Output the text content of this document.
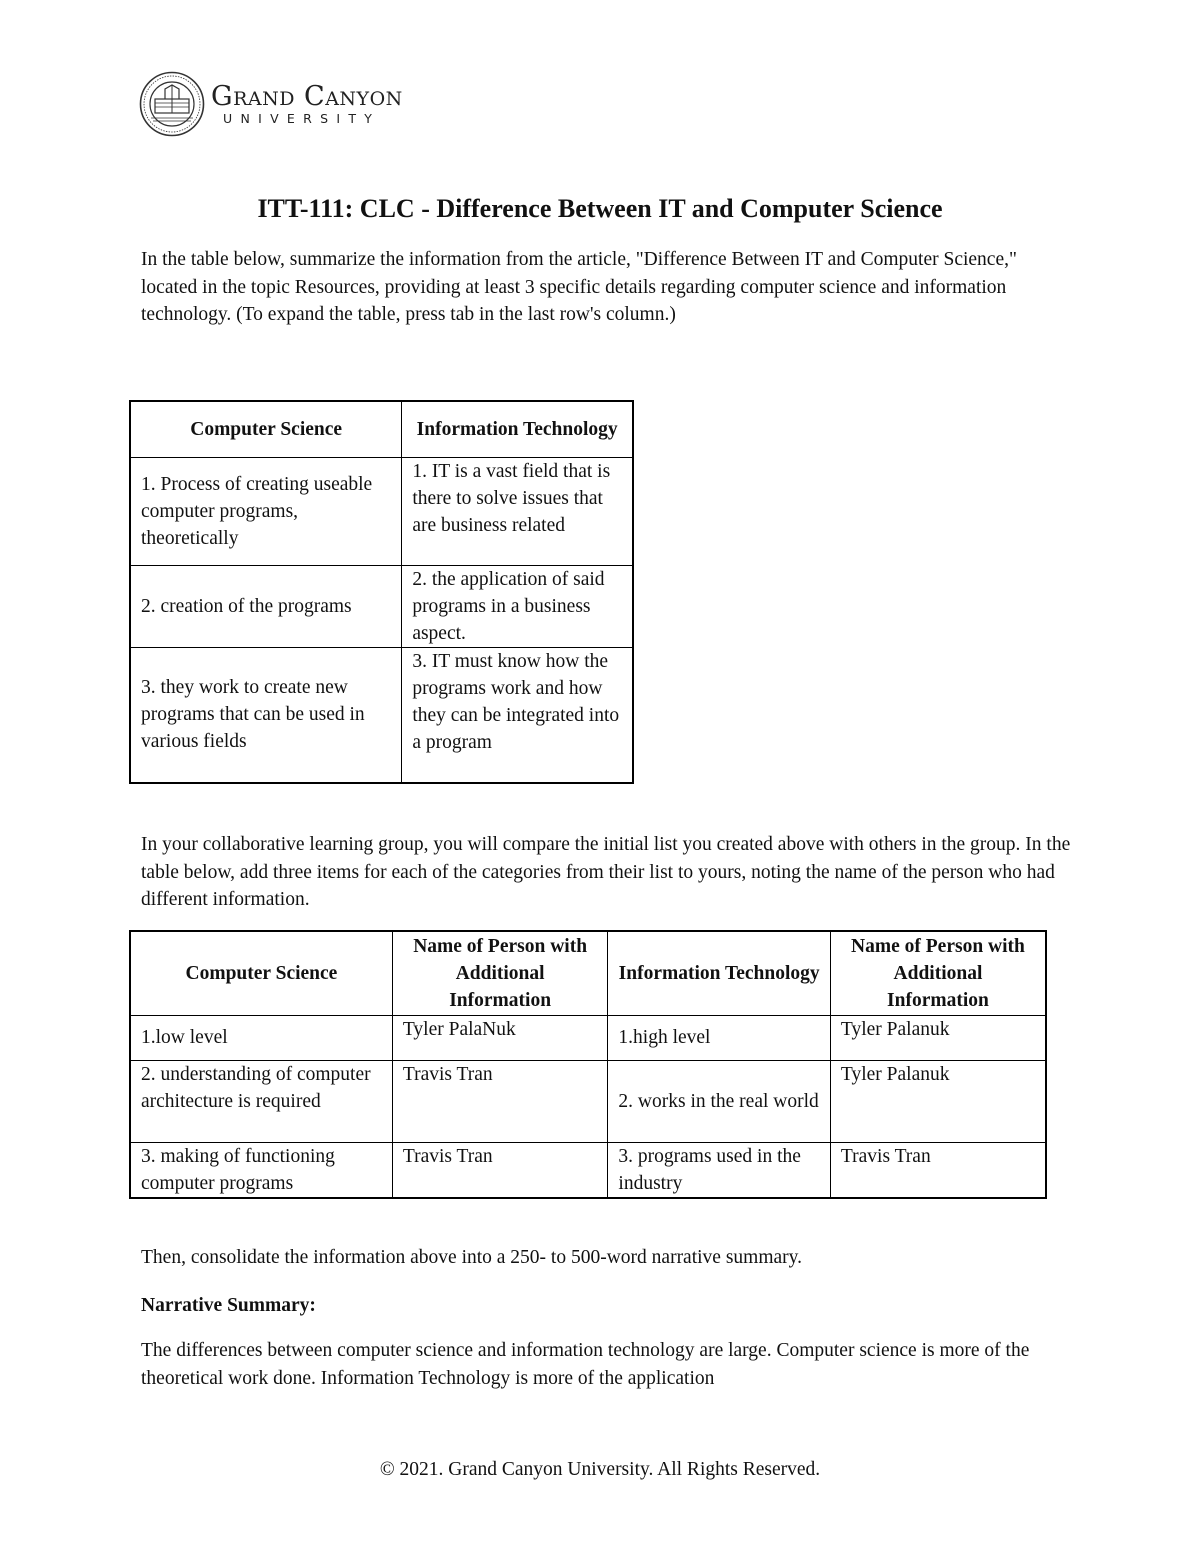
Grand Canyon
UNIVERSITY
ITT-111: CLC - Difference Between IT and Computer Science
In the table below, summarize the information from the article, "Difference Between IT and Computer Science," located in the topic Resources, providing at least 3 specific details regarding computer science and information technology. (To expand the table, press tab in the last row's column.)
Computer Science	Information Technology
1. Process of creating useable computer programs, theoretically	1. IT is a vast field that is there to solve issues that are business related
2. creation of the programs	2. the application of said programs in a business aspect.
3. they work to create new programs that can be used in various fields	3. IT must know how the programs work and how they can be integrated into a program
In your collaborative learning group, you will compare the initial list you created above with others in the group. In the table below, add three items for each of the categories from their list to yours, noting the name of the person who had different information.
Computer Science	Name of Person with Additional Information	Information Technology	Name of Person with Additional Information
1.low level	Tyler PalaNuk	1.high level	Tyler Palanuk
2. understanding of computer architecture is required	Travis Tran	2. works in the real world	Tyler Palanuk
3. making of functioning computer programs	Travis Tran	3. programs used in the industry	Travis Tran
Then, consolidate the information above into a 250- to 500-word narrative summary.
Narrative Summary:
The differences between computer science and information technology are large. Computer science is more of the theoretical work done. Information Technology is more of the application
© 2021. Grand Canyon University. All Rights Reserved.
